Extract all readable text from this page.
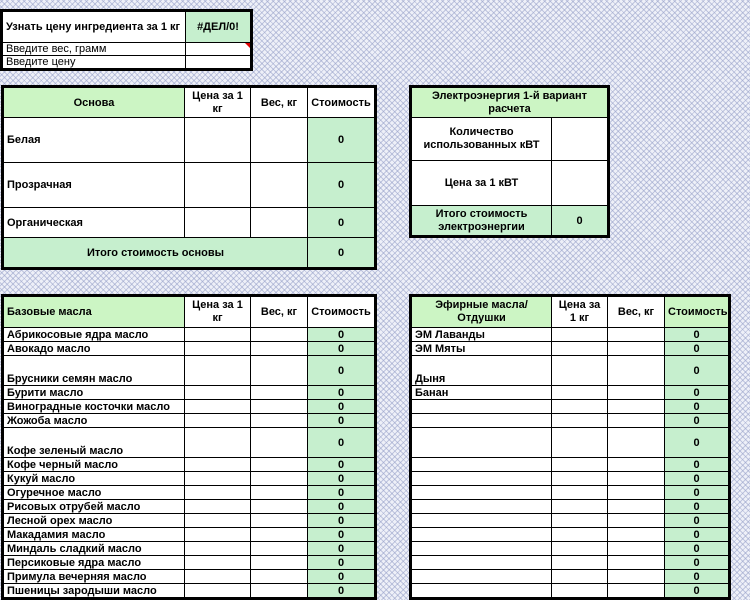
Узнать цену ингредиента за 1 кг	#ДЕЛ/0!
Введите вес, грамм	
Введите цену	
Основа	Цена за 1 кг	Вес, кг	Стоимость
Белая			0
Прозрачная			0
Органическая			0
Итого стоимость основы			0
Электроэнергия 1-й вариант расчета	
Количество использованных кВТ	
Цена за 1 кВТ	
Итого стоимость электроэнергии	0
Базовые масла	Цена за 1 кг	Вес, кг	Стоимость
Абрикосовые ядра масло			0
Авокадо масло			0
Брусники семян масло			0
Бурити масло			0
Виноградные косточки масло			0
Жожоба масло			0
Кофе зеленый масло			0
Кофе черный масло			0
Кукуй масло			0
Огуречное масло			0
Рисовых отрубей масло			0
Лесной орех масло			0
Макадамия масло			0
Миндаль сладкий масло			0
Персиковые ядра масло			0
Примула вечерняя масло			0
Пшеницы зародыши масло			0
Эфирные масла/Отдушки	Цена за 1 кг	Вес, кг	Стоимость
ЭМ Лаванды			0
ЭМ Мяты			0
Дыня			0
Банан			0
			0
			0
			0
			0
			0
			0
			0
			0
			0
			0
			0
			0
			0
